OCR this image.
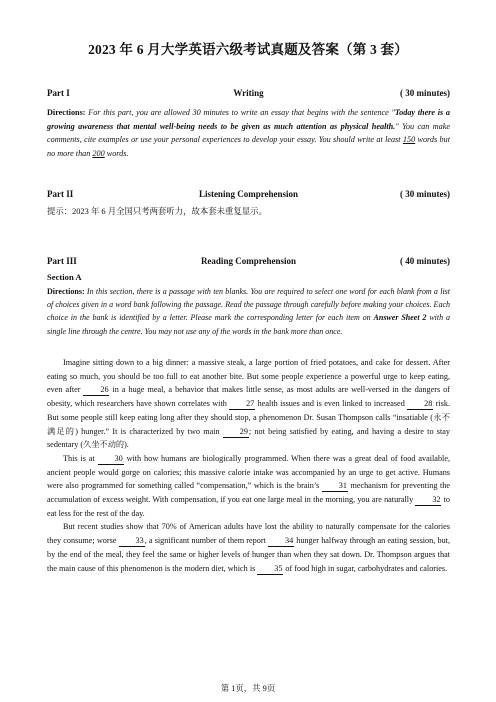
2023 年 6 月大学英语六级考试真题及答案（第 3 套）
Part I	Writing	( 30 minutes)
Directions: For this part, you are allowed 30 minutes to write an essay that begins with the sentence "Today there is a growing awareness that mental well-being needs to be given as much attention as physical health." You can make comments, cite examples or use your personal experiences to develop your essay. You should write at least 150 words but no more than 200 words.
Part II	Listening Comprehension	( 30 minutes)
提示：2023 年 6 月全国只考两套听力，故本套未重复显示。
Part III	Reading Comprehension	( 40 minutes)
Section A
Directions: In this section, there is a passage with ten blanks. You are required to select one word for each blank from a list of choices given in a word bank following the passage. Read the passage through carefully before making your choices. Each choice in the bank is identified by a letter. Please mark the corresponding letter for each item on Answer Sheet 2 with a single line through the centre. You may not use any of the words in the bank more than once.

Imagine sitting down to a big dinner: a massive steak, a large portion of fried potatoes, and cake for dessert. After eating so much, you should be too full to eat another bite. But some people experience a powerful urge to keep eating, even after 26 in a huge meal, a behavior that makes little sense, as most adults are well-versed in the dangers of obesity, which researchers have shown correlates with 27 health issues and is even linked to increased 28 risk. But some people still keep eating long after they should stop, a phenomenon Dr. Susan Thompson calls “insatiable (永不满足的) hunger.” It is characterized by two main 29; not being satisfied by eating, and having a desire to stay sedentary (久坐不动的).

This is at 30 with how humans are biologically programmed. When there was a great deal of food available, ancient people would gorge on calories; this massive calorie intake was accompanied by an urge to get active. Humans were also programmed for something called “compensation,” which is the brain’s 31 mechanism for preventing the accumulation of excess weight. With compensation, if you eat one large meal in the morning, you are naturally 32 to eat less for the rest of the day.

But recent studies show that 70% of American adults have lost the ability to naturally compensate for the calories they consume; worse 33, a significant number of them report 34 hunger halfway through an eating session, but, by the end of the meal, they feel the same or higher levels of hunger than when they sat down. Dr. Thompson argues that the main cause of this phenomenon is the modern diet, which is 35 of food high in sugar, carbohydrates and calories.

第 1页，共 9页
